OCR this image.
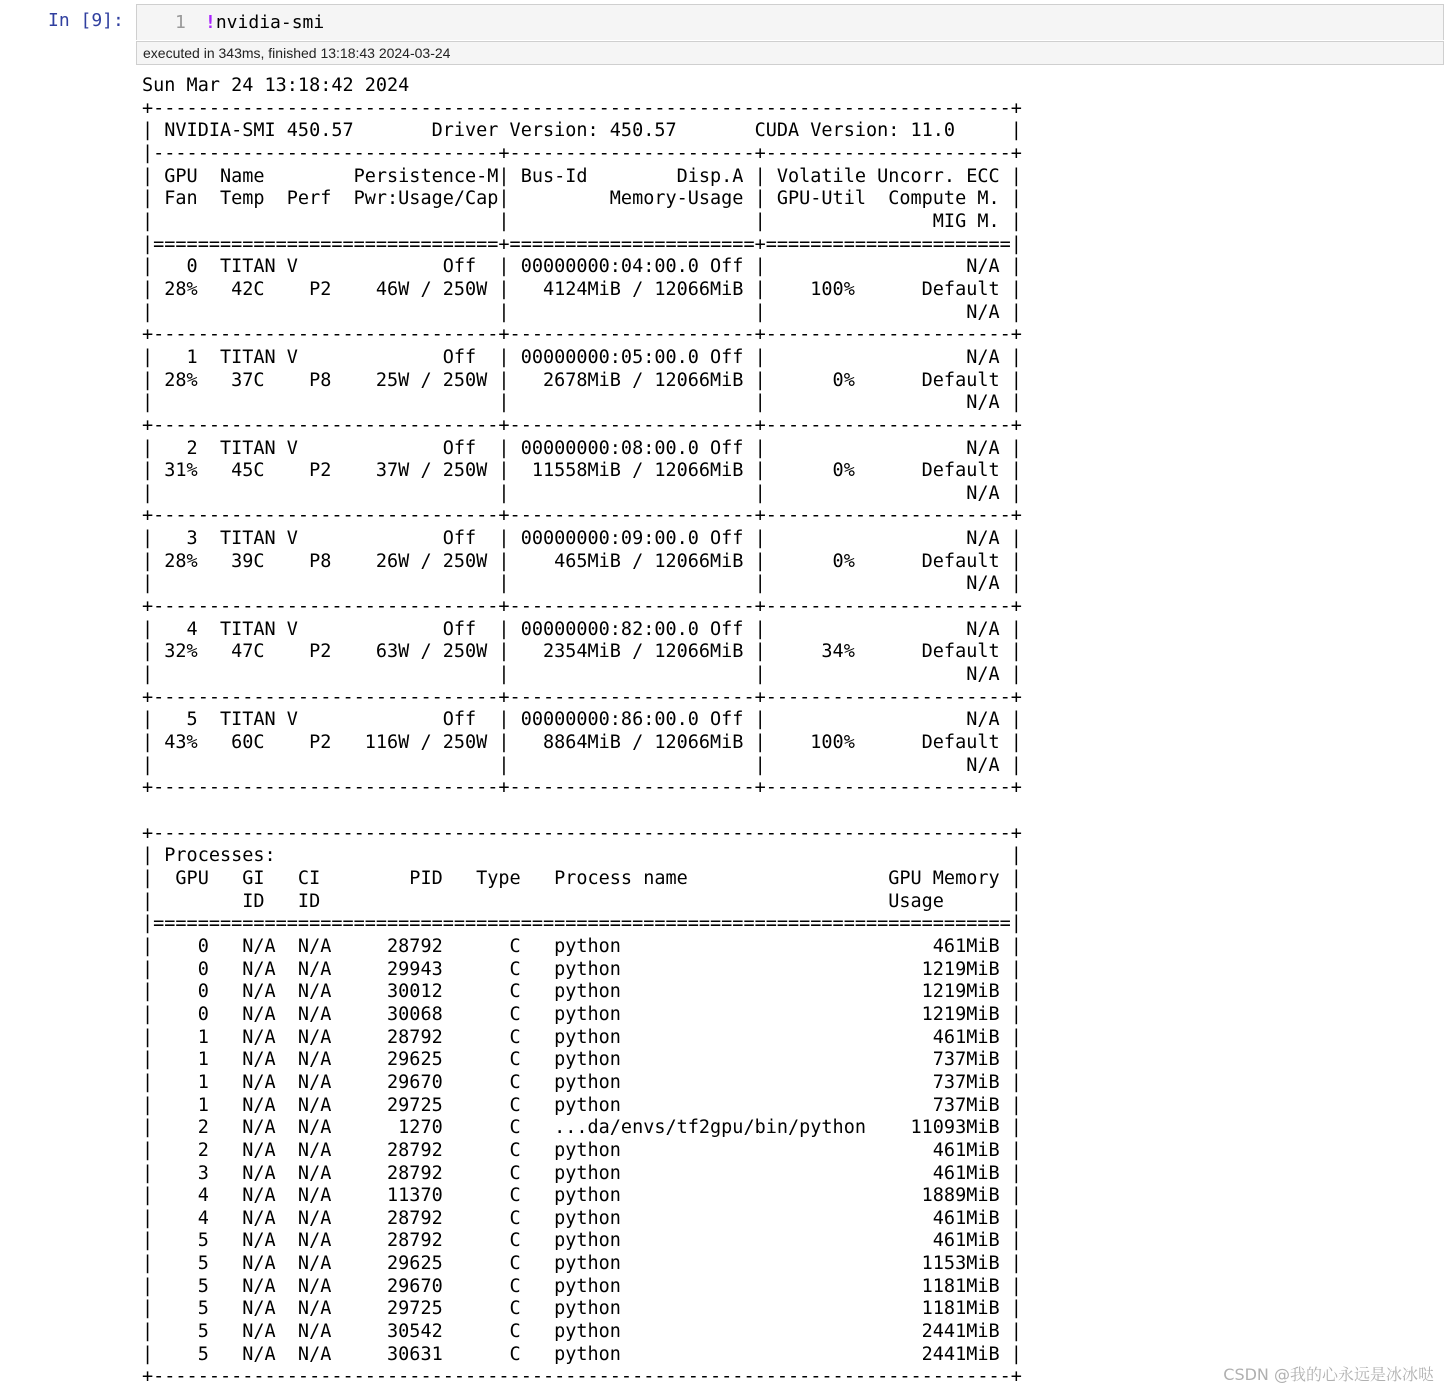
In [9]:	1 !nvidia-smi
executed in 343ms, finished 13:18:43 2024-03-24
Sun Mar 24 13:18:42 2024
+-----------------------------------------------------------------------------+
| NVIDIA-SMI 450.57       Driver Version: 450.57       CUDA Version: 11.0     |
|-------------------------------+----------------------+----------------------+
| GPU  Name        Persistence-M| Bus-Id        Disp.A | Volatile Uncorr. ECC |
| Fan  Temp  Perf  Pwr:Usage/Cap|         Memory-Usage | GPU-Util  Compute M. |
|                               |                      |               MIG M. |
|===============================+======================+======================|
|   0  TITAN V             Off  | 00000000:04:00.0 Off |                  N/A |
| 28%   42C    P2    46W / 250W |   4124MiB / 12066MiB |    100%      Default |
|                               |                      |                  N/A |
+-------------------------------+----------------------+----------------------+
|   1  TITAN V             Off  | 00000000:05:00.0 Off |                  N/A |
| 28%   37C    P8    25W / 250W |   2678MiB / 12066MiB |      0%      Default |
|                               |                      |                  N/A |
+-------------------------------+----------------------+----------------------+
|   2  TITAN V             Off  | 00000000:08:00.0 Off |                  N/A |
| 31%   45C    P2    37W / 250W |  11558MiB / 12066MiB |      0%      Default |
|                               |                      |                  N/A |
+-------------------------------+----------------------+----------------------+
|   3  TITAN V             Off  | 00000000:09:00.0 Off |                  N/A |
| 28%   39C    P8    26W / 250W |    465MiB / 12066MiB |      0%      Default |
|                               |                      |                  N/A |
+-------------------------------+----------------------+----------------------+
|   4  TITAN V             Off  | 00000000:82:00.0 Off |                  N/A |
| 32%   47C    P2    63W / 250W |   2354MiB / 12066MiB |     34%      Default |
|                               |                      |                  N/A |
+-------------------------------+----------------------+----------------------+
|   5  TITAN V             Off  | 00000000:86:00.0 Off |                  N/A |
| 43%   60C    P2   116W / 250W |   8864MiB / 12066MiB |    100%      Default |
|                               |                      |                  N/A |
+-------------------------------+----------------------+----------------------+

+-----------------------------------------------------------------------------+
| Processes:                                                                  |
|  GPU   GI   CI        PID   Type   Process name                  GPU Memory |
|        ID   ID                                                   Usage      |
|=============================================================================|
|    0   N/A  N/A     28792      C   python                            461MiB |
|    0   N/A  N/A     29943      C   python                           1219MiB |
|    0   N/A  N/A     30012      C   python                           1219MiB |
|    0   N/A  N/A     30068      C   python                           1219MiB |
|    1   N/A  N/A     28792      C   python                            461MiB |
|    1   N/A  N/A     29625      C   python                            737MiB |
|    1   N/A  N/A     29670      C   python                            737MiB |
|    1   N/A  N/A     29725      C   python                            737MiB |
|    2   N/A  N/A      1270      C   ...da/envs/tf2gpu/bin/python    11093MiB |
|    2   N/A  N/A     28792      C   python                            461MiB |
|    3   N/A  N/A     28792      C   python                            461MiB |
|    4   N/A  N/A     11370      C   python                           1889MiB |
|    4   N/A  N/A     28792      C   python                            461MiB |
|    5   N/A  N/A     28792      C   python                            461MiB |
|    5   N/A  N/A     29625      C   python                           1153MiB |
|    5   N/A  N/A     29670      C   python                           1181MiB |
|    5   N/A  N/A     29725      C   python                           1181MiB |
|    5   N/A  N/A     30542      C   python                           2441MiB |
|    5   N/A  N/A     30631      C   python                           2441MiB |
+-----------------------------------------------------------------------------+	CSDN @我的心永远是冰冰哒
